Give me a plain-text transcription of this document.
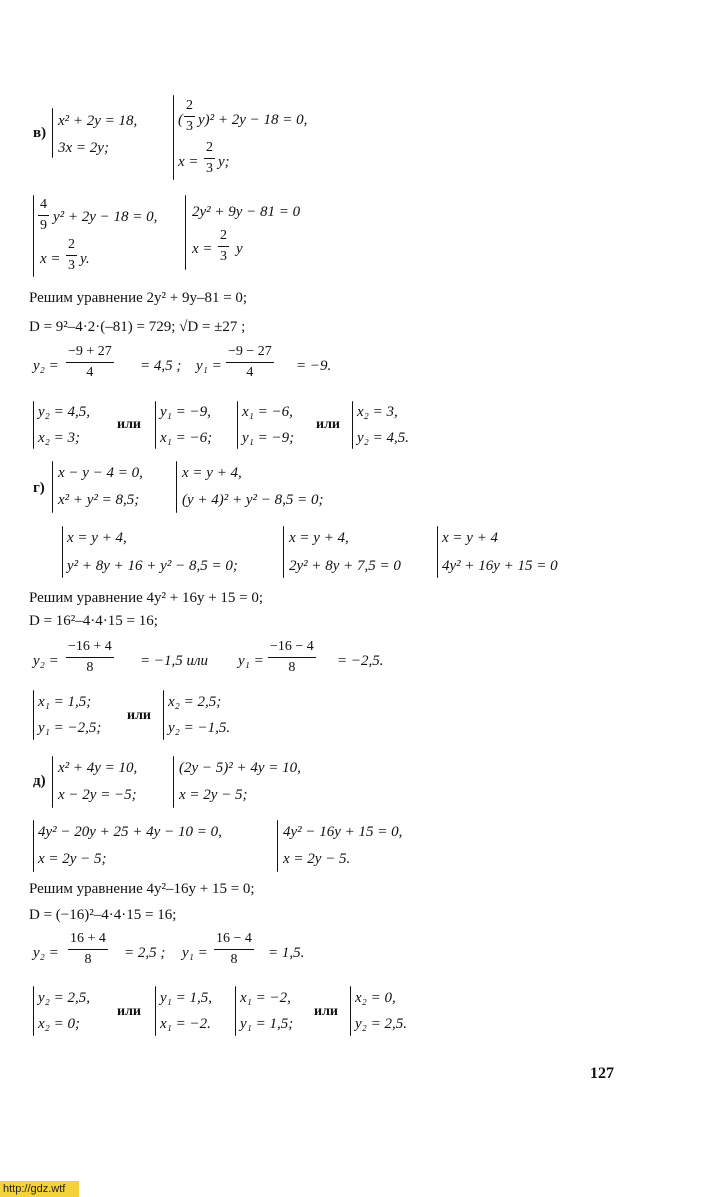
в)
x² + 2y = 18,
3x = 2y;
(
2
3 y)² + 2y − 18 = 0,
x =
2
3 y;
4
9
y² + 2y − 18 = 0,
x =
2
3 y.
2y² + 9y − 81 = 0
x =
2
3 y
Решим уравнение 2y² + 9y–81 = 0;
D = 9²–4·2·(–81) = 729; √D = ±27 ;
y₂ =
−9 + 27
4	= 4,5 ; y₁ =
−9 − 27
4	= −9.
y₂ = 4,5,
x₂ = 3;
или
y₁ = −9,
x₁ = −6;
x₁ = −6,
y₁ = −9;
или
x₂ = 3,
y₂ = 4,5.
г)
x − y − 4 = 0,
x² + y² = 8,5;
x = y + 4,
(y + 4)² + y² − 8,5 = 0;
x = y + 4,
y² + 8y + 16 + y² − 8,5 = 0;
x = y + 4,
2y² + 8y + 7,5 = 0
x = y + 4
4y² + 16y + 15 = 0
Решим уравнение 4y² + 16y + 15 = 0;
D = 16²–4·4·15 = 16;
y₂ =
−16 + 4
8	= −1,5 или y₁ =
−16 − 4
8	= −2,5.
x₁ = 1,5;
y₁ = −2,5;
или
x₂ = 2,5;
y₂ = −1,5.
д)
x² + 4y = 10,
x − 2y = −5;
(2y − 5)² + 4y = 10,
x = 2y − 5;
4y² − 20y + 25 + 4y − 10 = 0,
x = 2y − 5;
4y² − 16y + 15 = 0,
x = 2y − 5.
Решим уравнение 4y²–16y + 15 = 0;
D = (−16)²–4·4·15 = 16;
y₂ =
16 + 4
8	= 2,5 ; y₁ =
16 − 4
8	= 1,5.
y₂ = 2,5,
x₂ = 0;
или
y₁ = 1,5,
x₁ = −2.
x₁ = −2,
y₁ = 1,5;
или
x₂ = 0,
y₂ = 2,5.
127
http://gdz.wtf
